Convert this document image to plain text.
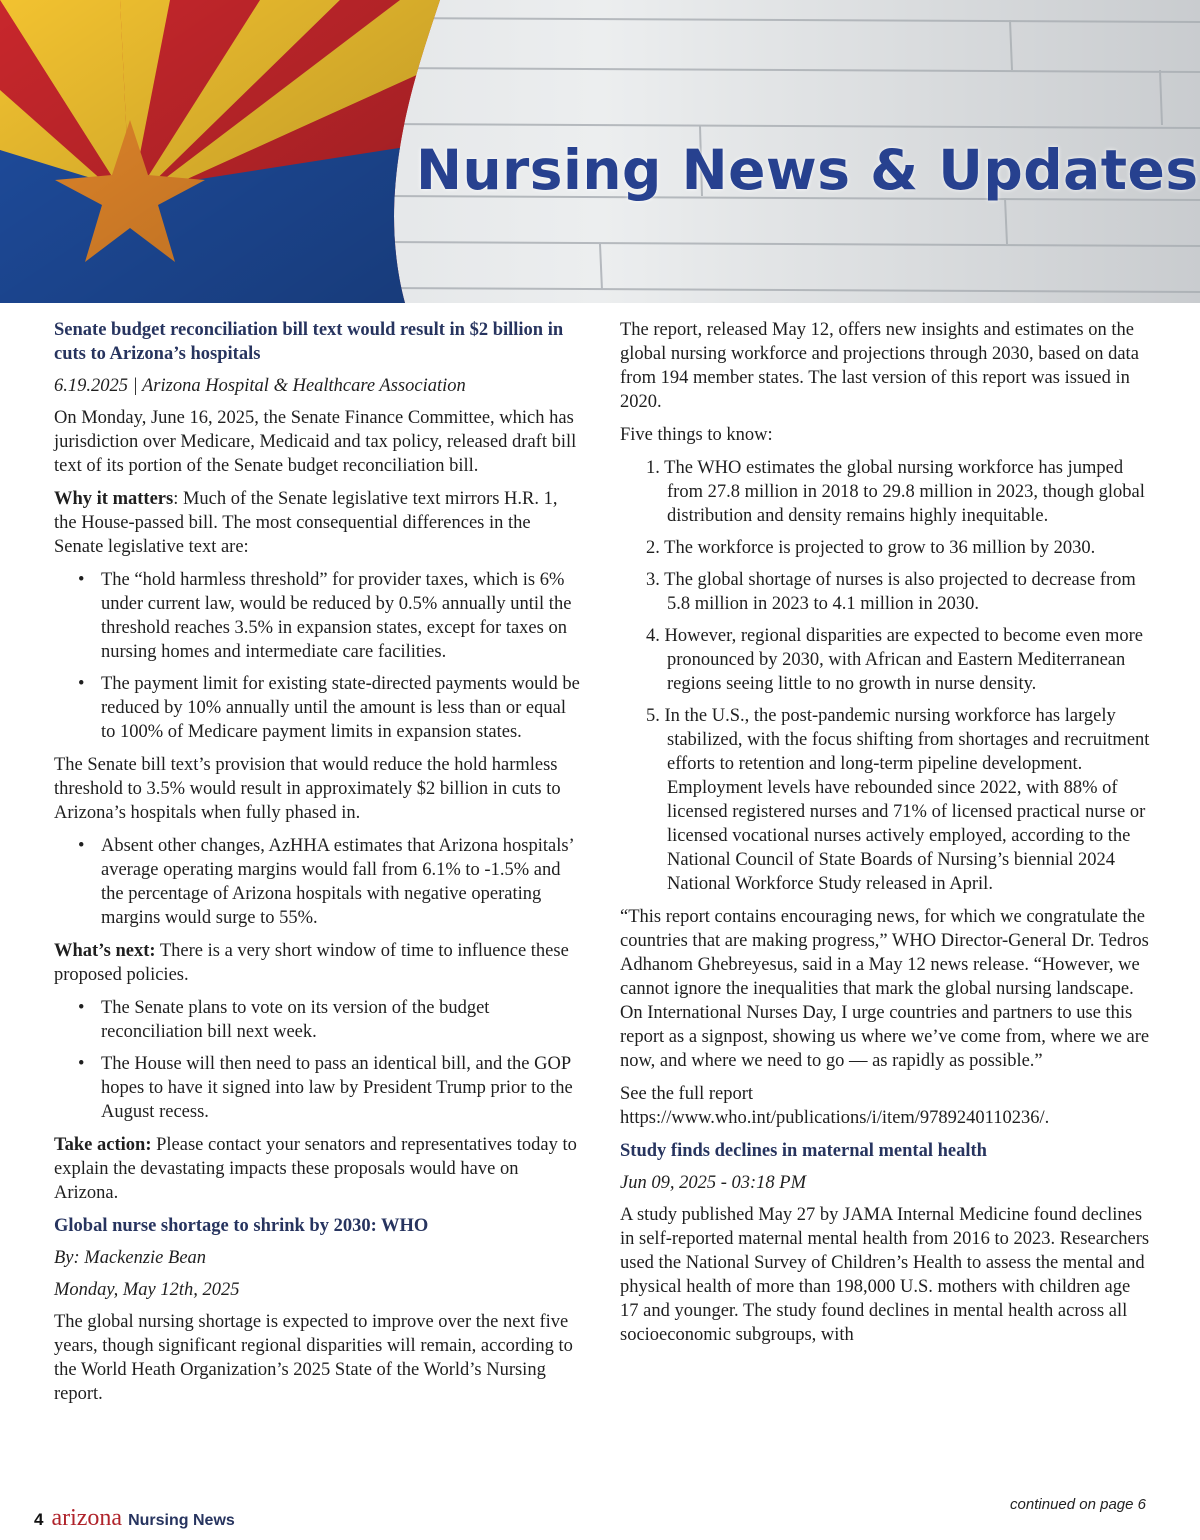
Nursing News & Updates

Senate budget reconciliation bill text would result in $2 billion in cuts to Arizona’s hospitals

6.19.2025 | Arizona Hospital & Healthcare Association

On Monday, June 16, 2025, the Senate Finance Committee, which has jurisdiction over Medicare, Medicaid and tax policy, released draft bill text of its portion of the Senate budget reconciliation bill.

Why it matters: Much of the Senate legislative text mirrors H.R. 1, the House-passed bill. The most consequential differences in the Senate legislative text are:

• The “hold harmless threshold” for provider taxes, which is 6% under current law, would be reduced by 0.5% annually until the threshold reaches 3.5% in expansion states, except for taxes on nursing homes and intermediate care facilities.
• The payment limit for existing state-directed payments would be reduced by 10% annually until the amount is less than or equal to 100% of Medicare payment limits in expansion states.

The Senate bill text’s provision that would reduce the hold harmless threshold to 3.5% would result in approximately $2 billion in cuts to Arizona’s hospitals when fully phased in.

• Absent other changes, AzHHA estimates that Arizona hospitals’ average operating margins would fall from 6.1% to -1.5% and the percentage of Arizona hospitals with negative operating margins would surge to 55%.

What’s next: There is a very short window of time to influence these proposed policies.

• The Senate plans to vote on its version of the budget reconciliation bill next week.
• The House will then need to pass an identical bill, and the GOP hopes to have it signed into law by President Trump prior to the August recess.

Take action: Please contact your senators and representatives today to explain the devastating impacts these proposals would have on Arizona.

Global nurse shortage to shrink by 2030: WHO

By: Mackenzie Bean

Monday, May 12th, 2025

The global nursing shortage is expected to improve over the next five years, though significant regional disparities will remain, according to the World Heath Organization’s 2025 State of the World’s Nursing report.

The report, released May 12, offers new insights and estimates on the global nursing workforce and projections through 2030, based on data from 194 member states. The last version of this report was issued in 2020.

Five things to know:

1. The WHO estimates the global nursing workforce has jumped from 27.8 million in 2018 to 29.8 million in 2023, though global distribution and density remains highly inequitable.
2. The workforce is projected to grow to 36 million by 2030.
3. The global shortage of nurses is also projected to decrease from 5.8 million in 2023 to 4.1 million in 2030.
4. However, regional disparities are expected to become even more pronounced by 2030, with African and Eastern Mediterranean regions seeing little to no growth in nurse density.
5. In the U.S., the post-pandemic nursing workforce has largely stabilized, with the focus shifting from shortages and recruitment efforts to retention and long-term pipeline development. Employment levels have rebounded since 2022, with 88% of licensed registered nurses and 71% of licensed practical nurse or licensed vocational nurses actively employed, according to the National Council of State Boards of Nursing’s biennial 2024 National Workforce Study released in April.

“This report contains encouraging news, for which we congratulate the countries that are making progress,” WHO Director-General Dr. Tedros Adhanom Ghebreyesus, said in a May 12 news release. “However, we cannot ignore the inequalities that mark the global nursing landscape. On International Nurses Day, I urge countries and partners to use this report as a signpost, showing us where we’ve come from, where we are now, and where we need to go — as rapidly as possible.”

See the full report https://www.who.int/publications/i/item/9789240110236/.

Study finds declines in maternal mental health

Jun 09, 2025 - 03:18 PM

A study published May 27 by JAMA Internal Medicine found declines in self-reported maternal mental health from 2016 to 2023. Researchers used the National Survey of Children’s Health to assess the mental and physical health of more than 198,000 U.S. mothers with children age 17 and younger. The study found declines in mental health across all socioeconomic subgroups, with

continued on page 6
4 arizona Nursing News
